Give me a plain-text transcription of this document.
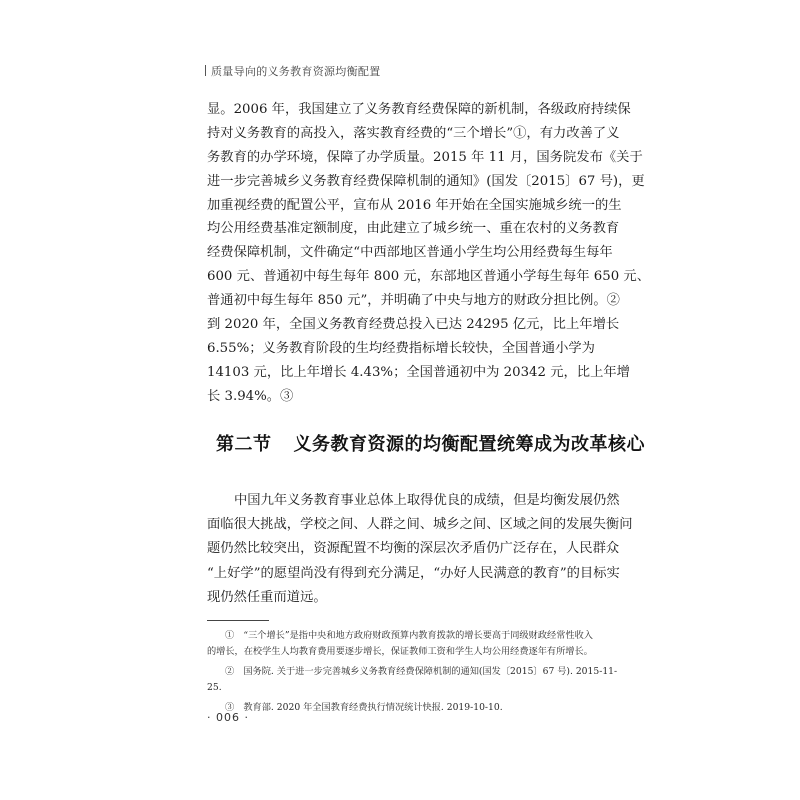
质量导向的义务教育资源均衡配置
显。2006 年，我国建立了义务教育经费保障的新机制，各级政府持续保
持对义务教育的高投入，落实教育经费的“三个增长”①，有力改善了义
务教育的办学环境，保障了办学质量。2015 年 11 月，国务院发布《关于
进一步完善城乡义务教育经费保障机制的通知》(国发〔2015〕67 号)，更
加重视经费的配置公平，宣布从 2016 年开始在全国实施城乡统一的生
均公用经费基准定额制度，由此建立了城乡统一、重在农村的义务教育
经费保障机制，文件确定“中西部地区普通小学生均公用经费每生每年
600 元、普通初中每生每年 800 元，东部地区普通小学每生每年 650 元、
普通初中每生每年 850 元”，并明确了中央与地方的财政分担比例。②
到 2020 年，全国义务教育经费总投入已达 24295 亿元，比上年增长
6.55%；义务教育阶段的生均经费指标增长较快，全国普通小学为
14103 元，比上年增长 4.43%；全国普通初中为 20342 元，比上年增
长 3.94%。③
第二节 义务教育资源的均衡配置统筹成为改革核心
中国九年义务教育事业总体上取得优良的成绩，但是均衡发展仍然
面临很大挑战，学校之间、人群之间、城乡之间、区域之间的发展失衡问
题仍然比较突出，资源配置不均衡的深层次矛盾仍广泛存在，人民群众
“上好学”的愿望尚没有得到充分满足，“办好人民满意的教育”的目标实
现仍然任重而道远。
①　“三个增长”是指中央和地方政府财政预算内教育拨款的增长要高于同级财政经常性收入
的增长，在校学生人均教育费用要逐步增长，保证教师工资和学生人均公用经费逐年有所增长。
②　国务院. 关于进一步完善城乡义务教育经费保障机制的通知(国发〔2015〕67 号). 2015-11-
25.
③　教育部. 2020 年全国教育经费执行情况统计快报. 2019-10-10.
· 006 ·
